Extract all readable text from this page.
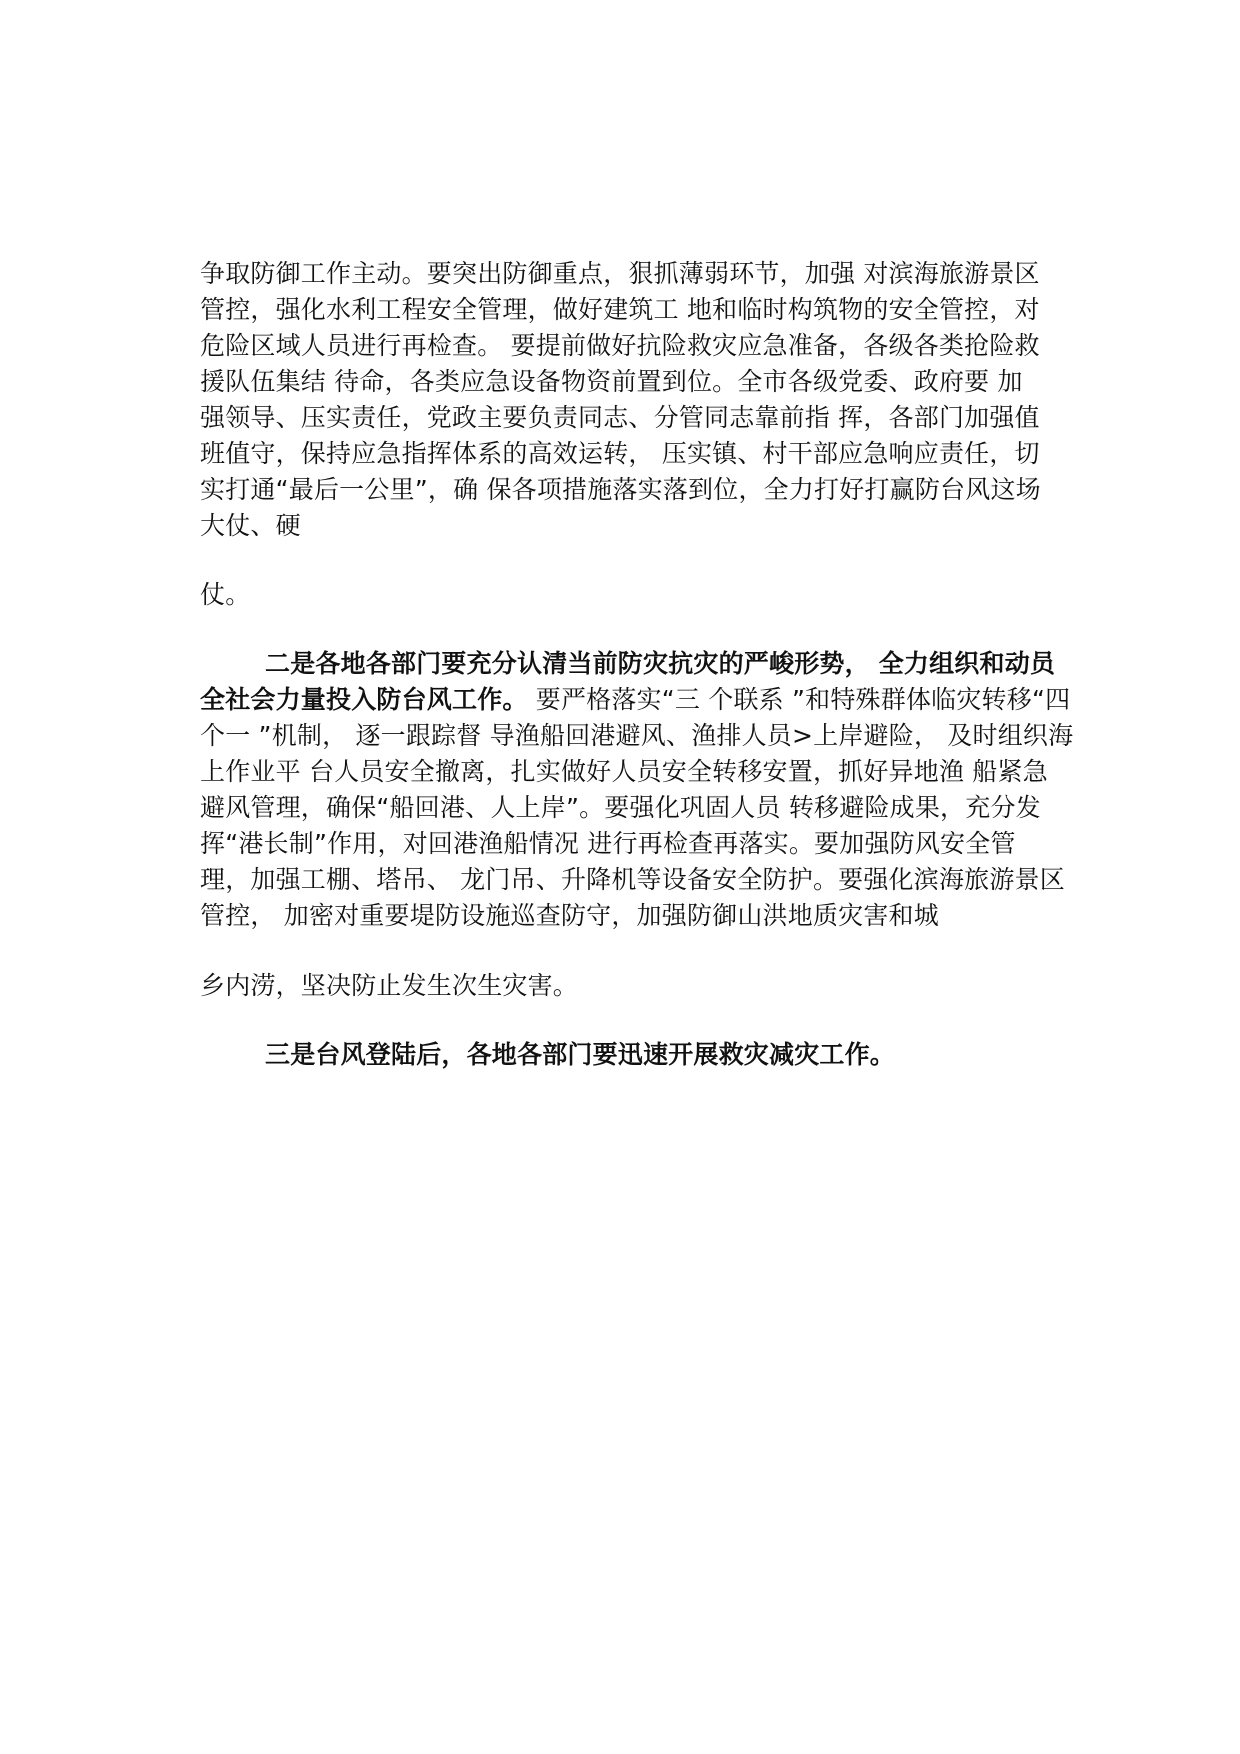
争取防御工作主动。要突出防御重点，狠抓薄弱环节，加强 对滨海旅游景区
管控，强化水利工程安全管理，做好建筑工 地和临时构筑物的安全管控，对
危险区域人员进行再检查。 要提前做好抗险救灾应急准备，各级各类抢险救
援队伍集结 待命，各类应急设备物资前置到位。全市各级党委、政府要 加
强领导、压实责任，党政主要负责同志、分管同志靠前指 挥，各部门加强值
班值守，保持应急指挥体系的高效运转， 压实镇、村干部应急响应责任，切
实打通“最后一公里”，确 保各项措施落实落到位，全力打好打赢防台风这场
大仗、硬
仗。
二是各地各部门要充分认清当前防灾抗灾的严峻形势， 全力组织和动员
全社会力量投入防台风工作。 要严格落实“三 个联系 ”和特殊群体临灾转移“四
个一 ”机制， 逐一跟踪督 导渔船回港避风、渔排人员>上岸避险， 及时组织海
上作业平 台人员安全撤离，扎实做好人员安全转移安置，抓好异地渔 船紧急
避风管理，确保“船回港、人上岸”。要强化巩固人员 转移避险成果，充分发
挥“港长制”作用，对回港渔船情况 进行再检查再落实。要加强防风安全管
理，加强工棚、塔吊、 龙门吊、升降机等设备安全防护。要强化滨海旅游景区
管控， 加密对重要堤防设施巡查防守，加强防御山洪地质灾害和城
乡内涝，坚决防止发生次生灾害。
三是台风登陆后，各地各部门要迅速开展救灾减灾工作。
